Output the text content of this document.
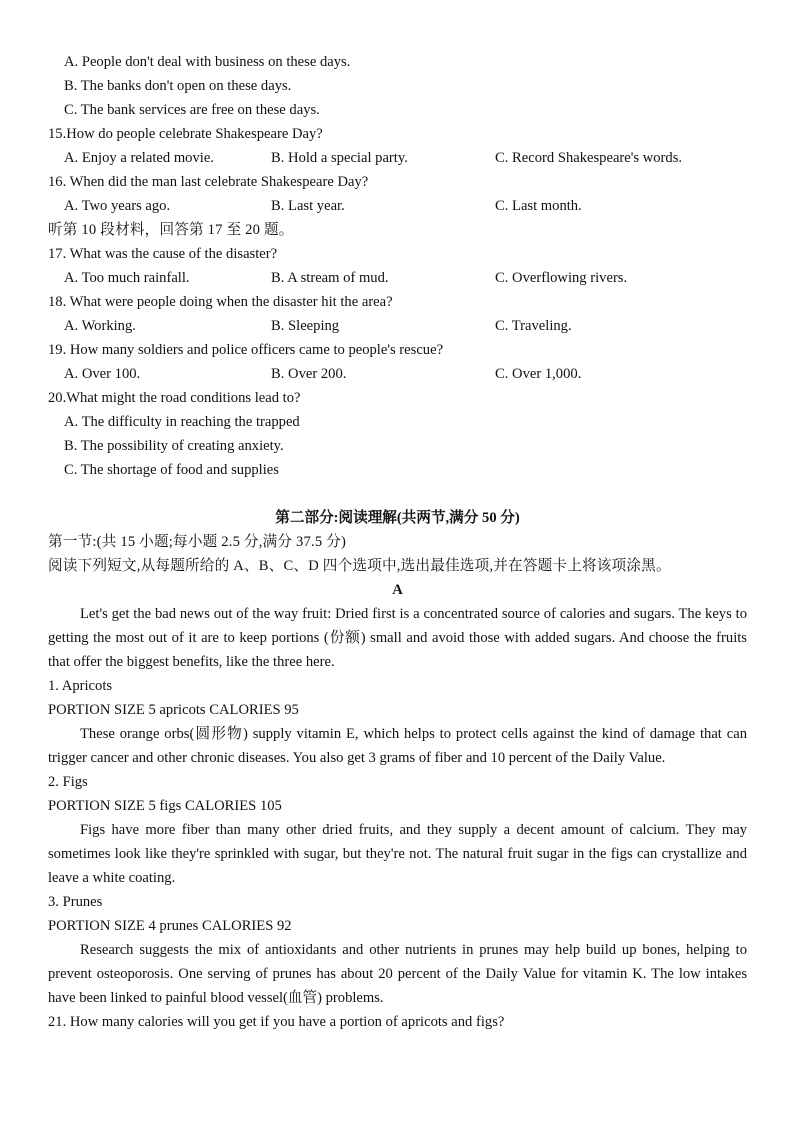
A. People don't deal with business on these days.
B. The banks don't open on these days.
C. The bank services are free on these days.
15.How do people celebrate Shakespeare Day?
A. Enjoy a related movie.	B. Hold a special party.	C. Record Shakespeare's words.
16. When did the man last celebrate Shakespeare Day?
A. Two years ago.	B. Last year.	C. Last month.
听第 10 段材料，回答第 17 至 20 题。
17. What was the cause of the disaster?
A. Too much rainfall.	B. A stream of mud.	C. Overflowing rivers.
18. What were people doing when the disaster hit the area?
A. Working.	B. Sleeping	C. Traveling.
19. How many soldiers and police officers came to people's rescue?
A. Over 100.	B. Over 200.	C. Over 1,000.
20.What might the road conditions lead to?
A. The difficulty in reaching the trapped
B. The possibility of creating anxiety.
C. The shortage of food and supplies
第二部分:阅读理解(共两节,满分 50 分)
第一节:(共 15 小题;每小题 2.5 分,满分 37.5 分)
阅读下列短文,从每题所给的 A、B、C、D 四个选项中,选出最佳选项,并在答题卡上将该项涂黑。
A
Let's get the bad news out of the way fruit: Dried first is a concentrated source of calories and sugars. The keys to getting the most out of it are to keep portions (份额) small and avoid those with added sugars. And choose the fruits that offer the biggest benefits, like the three here.
1. Apricots
PORTION SIZE 5 apricots CALORIES 95
These orange orbs(圆形物) supply vitamin E, which helps to protect cells against the kind of damage that can trigger cancer and other chronic diseases. You also get 3 grams of fiber and 10 percent of the Daily Value.
2. Figs
PORTION SIZE 5 figs CALORIES 105
Figs have more fiber than many other dried fruits, and they supply a decent amount of calcium. They may sometimes look like they're sprinkled with sugar, but they're not. The natural fruit sugar in the figs can crystallize and leave a white coating.
3. Prunes
PORTION SIZE 4 prunes CALORIES 92
Research suggests the mix of antioxidants and other nutrients in prunes may help build up bones, helping to prevent osteoporosis. One serving of prunes has about 20 percent of the Daily Value for vitamin K. The low intakes have been linked to painful blood vessel(血管) problems.
21. How many calories will you get if you have a portion of apricots and figs?
